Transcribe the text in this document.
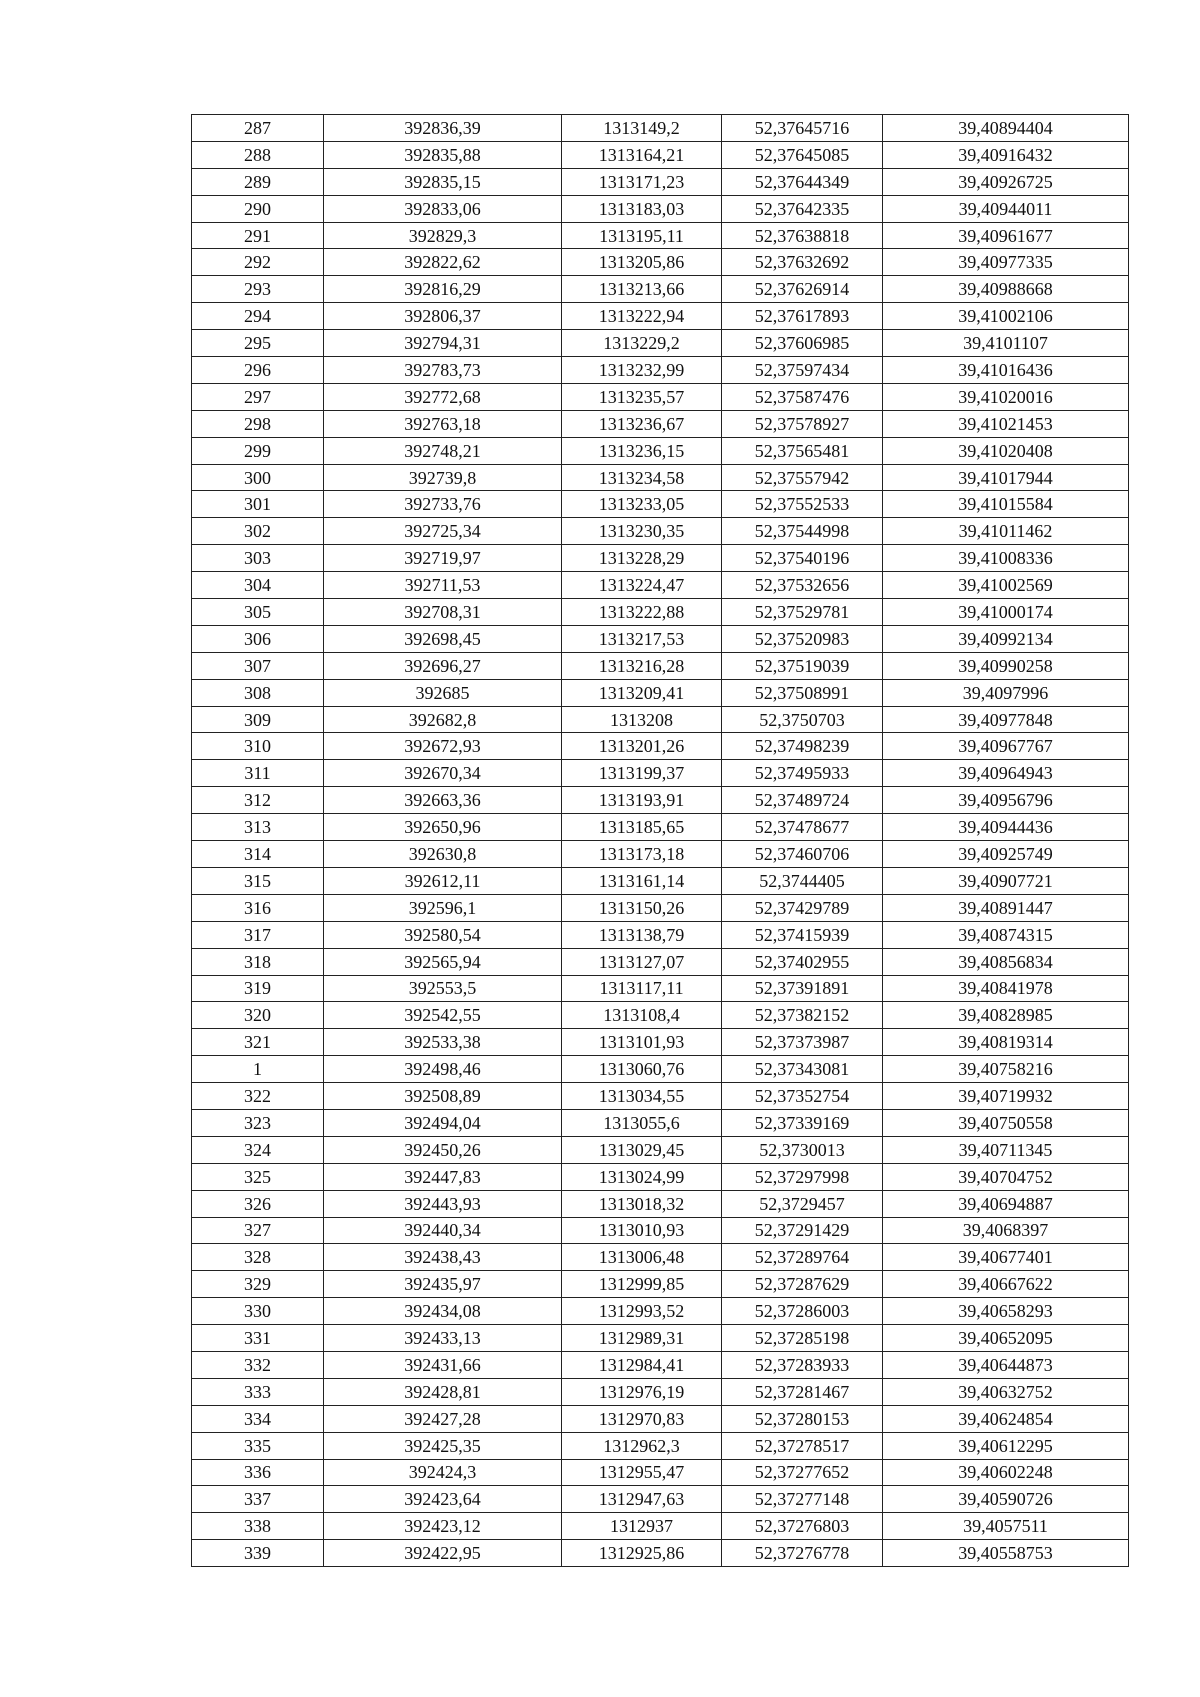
287	392836,39	1313149,2	52,37645716	39,40894404
288	392835,88	1313164,21	52,37645085	39,40916432
289	392835,15	1313171,23	52,37644349	39,40926725
290	392833,06	1313183,03	52,37642335	39,40944011
291	392829,3	1313195,11	52,37638818	39,40961677
292	392822,62	1313205,86	52,37632692	39,40977335
293	392816,29	1313213,66	52,37626914	39,40988668
294	392806,37	1313222,94	52,37617893	39,41002106
295	392794,31	1313229,2	52,37606985	39,4101107
296	392783,73	1313232,99	52,37597434	39,41016436
297	392772,68	1313235,57	52,37587476	39,41020016
298	392763,18	1313236,67	52,37578927	39,41021453
299	392748,21	1313236,15	52,37565481	39,41020408
300	392739,8	1313234,58	52,37557942	39,41017944
301	392733,76	1313233,05	52,37552533	39,41015584
302	392725,34	1313230,35	52,37544998	39,41011462
303	392719,97	1313228,29	52,37540196	39,41008336
304	392711,53	1313224,47	52,37532656	39,41002569
305	392708,31	1313222,88	52,37529781	39,41000174
306	392698,45	1313217,53	52,37520983	39,40992134
307	392696,27	1313216,28	52,37519039	39,40990258
308	392685	1313209,41	52,37508991	39,4097996
309	392682,8	1313208	52,3750703	39,40977848
310	392672,93	1313201,26	52,37498239	39,40967767
311	392670,34	1313199,37	52,37495933	39,40964943
312	392663,36	1313193,91	52,37489724	39,40956796
313	392650,96	1313185,65	52,37478677	39,40944436
314	392630,8	1313173,18	52,37460706	39,40925749
315	392612,11	1313161,14	52,3744405	39,40907721
316	392596,1	1313150,26	52,37429789	39,40891447
317	392580,54	1313138,79	52,37415939	39,40874315
318	392565,94	1313127,07	52,37402955	39,40856834
319	392553,5	1313117,11	52,37391891	39,40841978
320	392542,55	1313108,4	52,37382152	39,40828985
321	392533,38	1313101,93	52,37373987	39,40819314
1	392498,46	1313060,76	52,37343081	39,40758216
322	392508,89	1313034,55	52,37352754	39,40719932
323	392494,04	1313055,6	52,37339169	39,40750558
324	392450,26	1313029,45	52,3730013	39,40711345
325	392447,83	1313024,99	52,37297998	39,40704752
326	392443,93	1313018,32	52,3729457	39,40694887
327	392440,34	1313010,93	52,37291429	39,4068397
328	392438,43	1313006,48	52,37289764	39,40677401
329	392435,97	1312999,85	52,37287629	39,40667622
330	392434,08	1312993,52	52,37286003	39,40658293
331	392433,13	1312989,31	52,37285198	39,40652095
332	392431,66	1312984,41	52,37283933	39,40644873
333	392428,81	1312976,19	52,37281467	39,40632752
334	392427,28	1312970,83	52,37280153	39,40624854
335	392425,35	1312962,3	52,37278517	39,40612295
336	392424,3	1312955,47	52,37277652	39,40602248
337	392423,64	1312947,63	52,37277148	39,40590726
338	392423,12	1312937	52,37276803	39,4057511
339	392422,95	1312925,86	52,37276778	39,40558753
